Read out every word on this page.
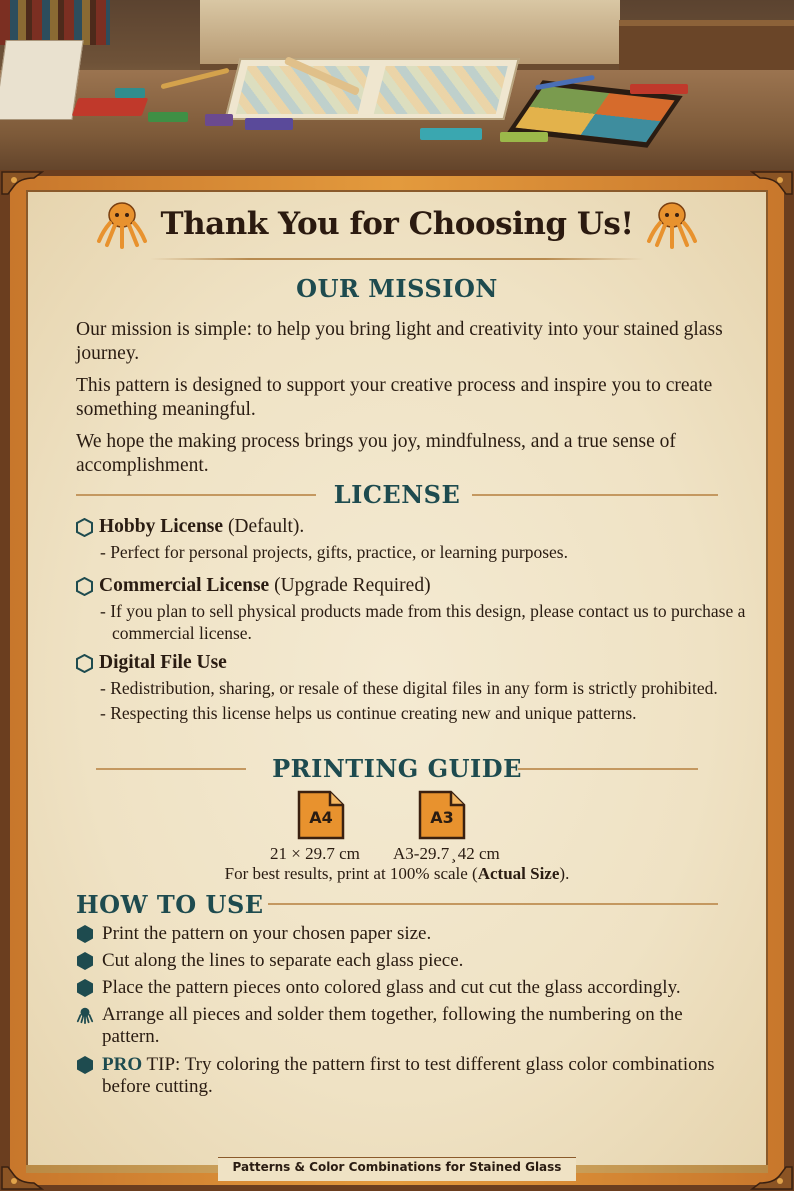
Thank You for Choosing Us!
OUR MISSION
Our mission is simple: to help you bring light and creativity into your stained glass journey.
This pattern is designed to support your creative process and inspire you to create something meaningful.
We hope the making process brings you joy, mindfulness, and a true sense of accomplishment.
LICENSE
Hobby License (Default).
- Perfect for personal projects, gifts, practice, or learning purposes.
Commercial License (Upgrade Required)
- If you plan to sell physical products made from this design, please contact us to purchase a commercial license.
Digital File Use
- Redistribution, sharing, or resale of these digital files in any form is strictly prohibited.
- Respecting this license helps us continue creating new and unique patterns.
PRINTING GUIDE
A4	A3
21 × 29.7 cm A3-29.7 ̧ 42 cm
For best results, print at 100% scale (Actual Size).
HOW TO USE
Print the pattern on your chosen paper size.
Cut along the lines to separate each glass piece.
Place the pattern pieces onto colored glass and cut cut the glass accordingly.
Arrange all pieces and solder them together, following the numbering on the pattern.
PRO TIP: Try coloring the pattern first to test different glass color combinations before cutting.
Patterns & Color Combinations for Stained Glass
